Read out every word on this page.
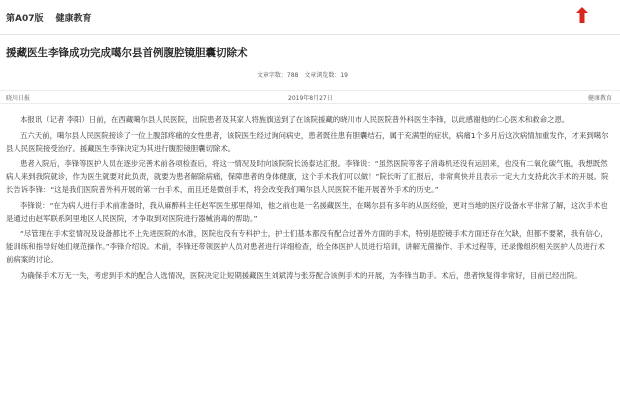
第A07版 健康教育
援藏医生李锋成功完成噶尔县首例腹腔镜胆囊切除术
文章字数：788 文章浏览数：19
晓川日报	2019年8月27日	健康教育

本报讯（记者 李阳）日前，在西藏噶尔县人民医院，出院患者及其家人将旌旗送到了在该院援藏的晓川市人民医院普外科医生李锋，以此感谢他的仁心医术和救命之恩。

五六天前，噶尔县人民医院接诊了一位上腹部疼痛的女性患者，该院医生经过询问病史，患者既往患有胆囊结石，属于充满型的症状，病痛1个多月后这次病情加重发作，才来到噶尔县人民医院接受治疗。援藏医生李锋决定为其进行腹腔镜胆囊切除术。

患者入院后，李锋等医护人员在逐步完善术前各项检查后，将这一情况及时向该院院长汤泰达汇报。李锋说：“虽然医院等客子消毒机还没有运回来，也没有二氧化碳气瓶，我想既然病人来到我院就诊，作为医生就要对此负责，就要为患者解除病痛，保障患者的身体健康，这个手术我们可以做！”院长听了汇报后，非常爽快并且表示一定大力支持此次手术的开展。院长告诉李锋：“这是我们医院普外科开展的第一台手术，而且还是微创手术，将会改变我们噶尔县人民医院不能开展普外手术的历史。”

李锋说：“在为病人进行手术前准备时，我从麻醉科主任赵军医生那里得知，他之前也是一名援藏医生，在噶尔县有多年的从医经验，更对当地的医疗设备水平非常了解，这次手术也是通过由赵军联系阿里地区人民医院，才争取到对医院进行器械消毒的帮助。”

“尽管现在手术室情况及设备都比不上先进医院的水准，医院也没有专科护士，护士们基本都没有配合过普外方面的手术，特别是腔镜手术方面还存在欠缺，但都不要紧，我有信心，能训练和指导好她们规范操作。”李锋介绍说。术前，李锋还带领医护人员对患者进行详细检查，给全体医护人员进行培训，讲解无菌操作、手术过程等，还录像组织相关医护人员进行术前病案的讨论。

为确保手术万无一失，考虑到手术的配合人选情况，医院决定让短期援藏医生刘斌涛与张芬配合该例手术的开展，为李锋当助手。术后，患者恢复得非常好，目前已经出院。
